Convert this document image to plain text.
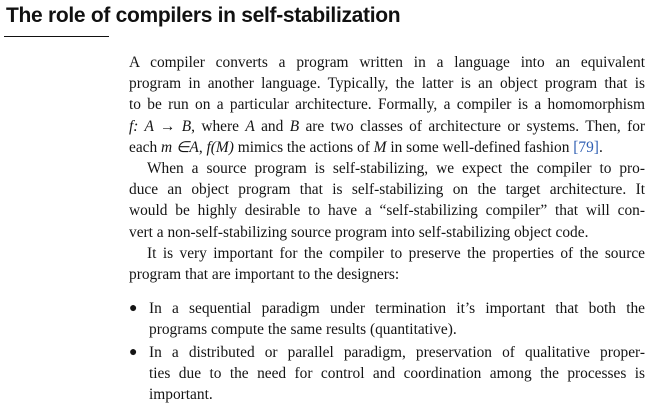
The role of compilers in self-stabilization

A compiler converts a program written in a language into an equivalent
program in another language. Typically, the latter is an object program that is
to be run on a particular architecture. Formally, a compiler is a homomorphism
f: A → B, where A and B are two classes of architecture or systems. Then, for
each m ∈A, f(M) mimics the actions of M in some well-defined fashion [79].

When a source program is self-stabilizing, we expect the compiler to pro-
duce an object program that is self-stabilizing on the target architecture. It
would be highly desirable to have a “self-stabilizing compiler” that will con-
vert a non-self-stabilizing source program into self-stabilizing object code.

It is very important for the compiler to preserve the properties of the source
program that are important to the designers:

● In a sequential paradigm under termination it’s important that both the
programs compute the same results (quantitative).
● In a distributed or parallel paradigm, preservation of qualitative proper-
ties due to the need for control and coordination among the processes is
important.
